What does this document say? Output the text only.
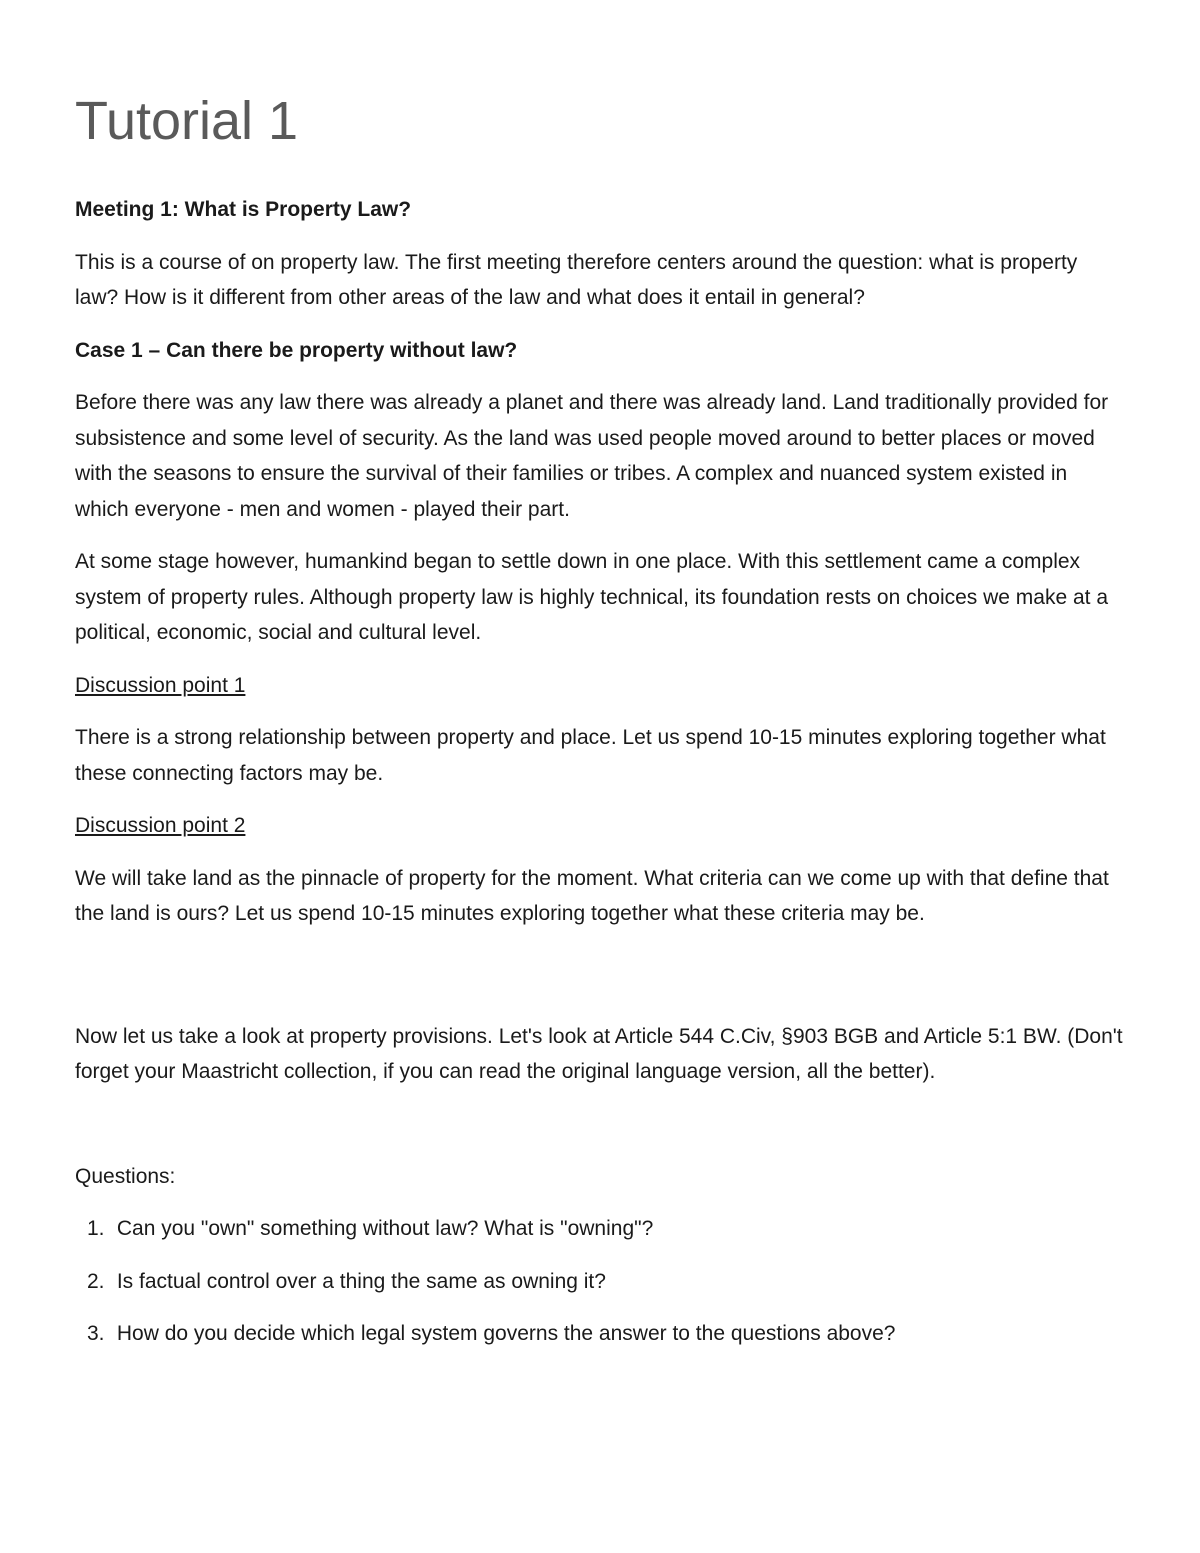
Tutorial 1
Meeting 1: What is Property Law?

This is a course of on property law. The first meeting therefore centers around the question: what is property law? How is it different from other areas of the law and what does it entail in general?

Case 1 – Can there be property without law?

Before there was any law there was already a planet and there was already land. Land traditionally provided for subsistence and some level of security. As the land was used people moved around to better places or moved with the seasons to ensure the survival of their families or tribes. A complex and nuanced system existed in which everyone - men and women - played their part.

At some stage however, humankind began to settle down in one place. With this settlement came a complex system of property rules. Although property law is highly technical, its foundation rests on choices we make at a political, economic, social and cultural level.

Discussion point 1

There is a strong relationship between property and place. Let us spend 10-15 minutes exploring together what these connecting factors may be.

Discussion point 2

We will take land as the pinnacle of property for the moment. What criteria can we come up with that define that the land is ours? Let us spend 10-15 minutes exploring together what these criteria may be.

Now let us take a look at property provisions. Let's look at Article 544 C.Civ, §903 BGB and Article 5:1 BW. (Don't forget your Maastricht collection, if you can read the original language version, all the better).

Questions:

1. Can you "own" something without law? What is "owning"?
2. Is factual control over a thing the same as owning it?
3. How do you decide which legal system governs the answer to the questions above?
